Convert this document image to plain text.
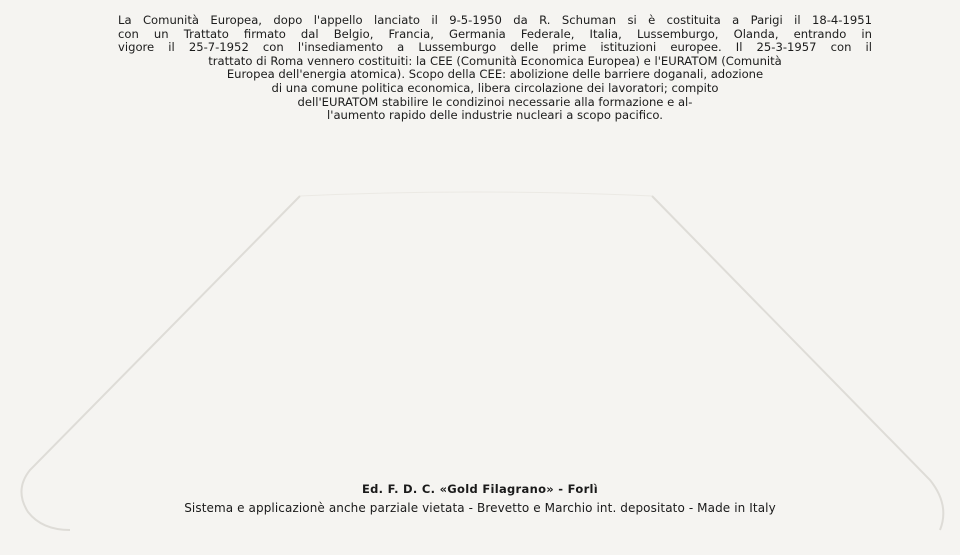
La Comunità Europea, dopo l'appello lanciato il 9-5-1950 da R. Schuman si è costituita a Parigi il 18-4-1951
con un Trattato firmato dal Belgio, Francia, Germania Federale, Italia, Lussemburgo, Olanda, entrando in
vigore il 25-7-1952 con l'insediamento a Lussemburgo delle prime istituzioni europee. Il 25-3-1957 con il
trattato di Roma vennero costituiti: la CEE (Comunità Economica Europea) e l'EURATOM (Comunità
Europea dell'energia atomica). Scopo della CEE: abolizione delle barriere doganali, adozione
di una comune politica economica, libera circolazione dei lavoratori; compito
dell'EURATOM stabilire le condizinoi necessarie alla formazione e al-
l'aumento rapido delle industrie nucleari a scopo pacifico.

Ed. F. D. C. «Gold Filagrano» - Forlì
Sistema e applicazionè anche parziale vietata - Brevetto e Marchio int. depositato - Made in Italy
